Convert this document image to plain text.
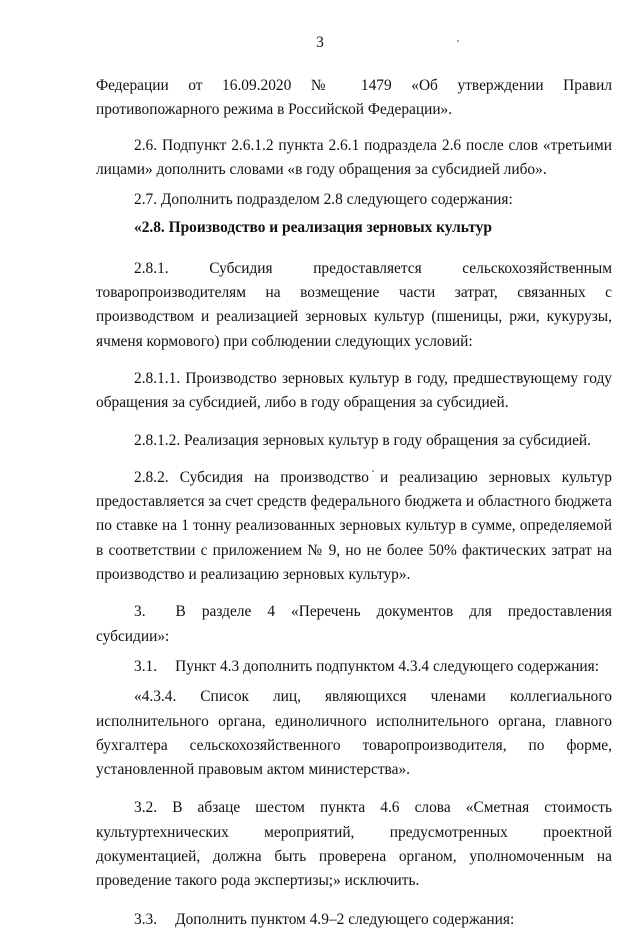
3

Федерации от 16.09.2020 № 1479 «Об утверждении Правил противопожарного режима в Российской Федерации».

2.6. Подпункт 2.6.1.2 пункта 2.6.1 подраздела 2.6 после слов «третьими лицами» дополнить словами «в году обращения за субсидией либо».

2.7. Дополнить подразделом 2.8 следующего содержания:

«2.8. Производство и реализация зерновых культур

2.8.1. Субсидия предоставляется сельскохозяйственным товаропроизводителям на возмещение части затрат, связанных с производством и реализацией зерновых культур (пшеницы, ржи, кукурузы, ячменя кормового) при соблюдении следующих условий:

2.8.1.1. Производство зерновых культур в году, предшествующему году обращения за субсидией, либо в году обращения за субсидией.

2.8.1.2. Реализация зерновых культур в году обращения за субсидией.

2.8.2. Субсидия на производство и реализацию зерновых культур предоставляется за счет средств федерального бюджета и областного бюджета по ставке на 1 тонну реализованных зерновых культур в сумме, определяемой в соответствии с приложением № 9, но не более 50% фактических затрат на производство и реализацию зерновых культур».

3. В разделе 4 «Перечень документов для предоставления субсидии»:

3.1. Пункт 4.3 дополнить подпунктом 4.3.4 следующего содержания:

«4.3.4. Список лиц, являющихся членами коллегиального исполнительного органа, единоличного исполнительного органа, главного бухгалтера сельскохозяйственного товаропроизводителя, по форме, установленной правовым актом министерства».

3.2. В абзаце шестом пункта 4.6 слова «Сметная стоимость культуртехнических мероприятий, предусмотренных проектной документацией, должна быть проверена органом, уполномоченным на проведение такого рода экспертизы;» исключить.

3.3. Дополнить пунктом 4.9–2 следующего содержания:
